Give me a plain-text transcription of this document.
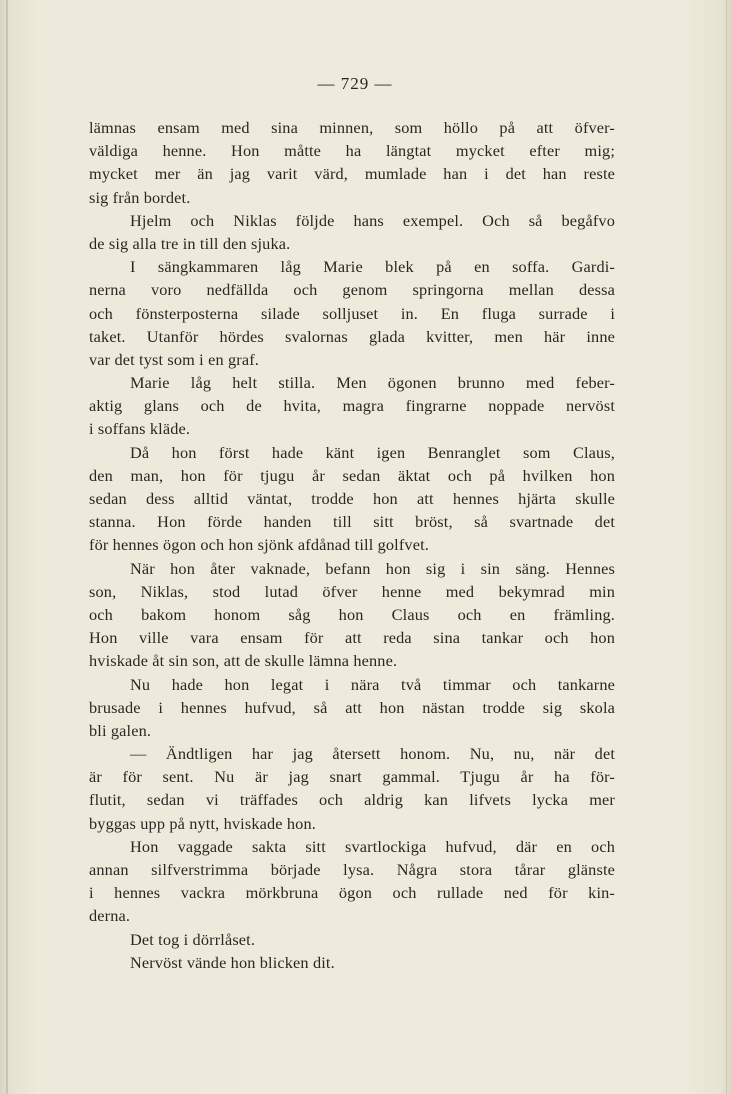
— 729 —
lämnas ensam med sina minnen, som höllo på att öfver-
väldiga henne. Hon måtte ha längtat mycket efter mig;
mycket mer än jag varit värd, mumlade han i det han reste
sig från bordet.
Hjelm och Niklas följde hans exempel. Och så begåfvo
de sig alla tre in till den sjuka.
I sängkammaren låg Marie blek på en soffa. Gardi-
nerna voro nedfällda och genom springorna mellan dessa
och fönsterposterna silade solljuset in. En fluga surrade i
taket. Utanför hördes svalornas glada kvitter, men här inne
var det tyst som i en graf.
Marie låg helt stilla. Men ögonen brunno med feber-
aktig glans och de hvita, magra fingrarne noppade nervöst
i soffans kläde.
Då hon först hade känt igen Benranglet som Claus,
den man, hon för tjugu år sedan äktat och på hvilken hon
sedan dess alltid väntat, trodde hon att hennes hjärta skulle
stanna. Hon förde handen till sitt bröst, så svartnade det
för hennes ögon och hon sjönk afdånad till golfvet.
När hon åter vaknade, befann hon sig i sin säng. Hennes
son, Niklas, stod lutad öfver henne med bekymrad min
och bakom honom såg hon Claus och en främling.
Hon ville vara ensam för att reda sina tankar och hon
hviskade åt sin son, att de skulle lämna henne.
Nu hade hon legat i nära två timmar och tankarne
brusade i hennes hufvud, så att hon nästan trodde sig skola
bli galen.
— Ändtligen har jag återsett honom. Nu, nu, när det
är för sent. Nu är jag snart gammal. Tjugu år ha för-
flutit, sedan vi träffades och aldrig kan lifvets lycka mer
byggas upp på nytt, hviskade hon.
Hon vaggade sakta sitt svartlockiga hufvud, där en och
annan silfverstrimma började lysa. Några stora tårar glänste
i hennes vackra mörkbruna ögon och rullade ned för kin-
derna.
Det tog i dörrlåset.
Nervöst vände hon blicken dit.
